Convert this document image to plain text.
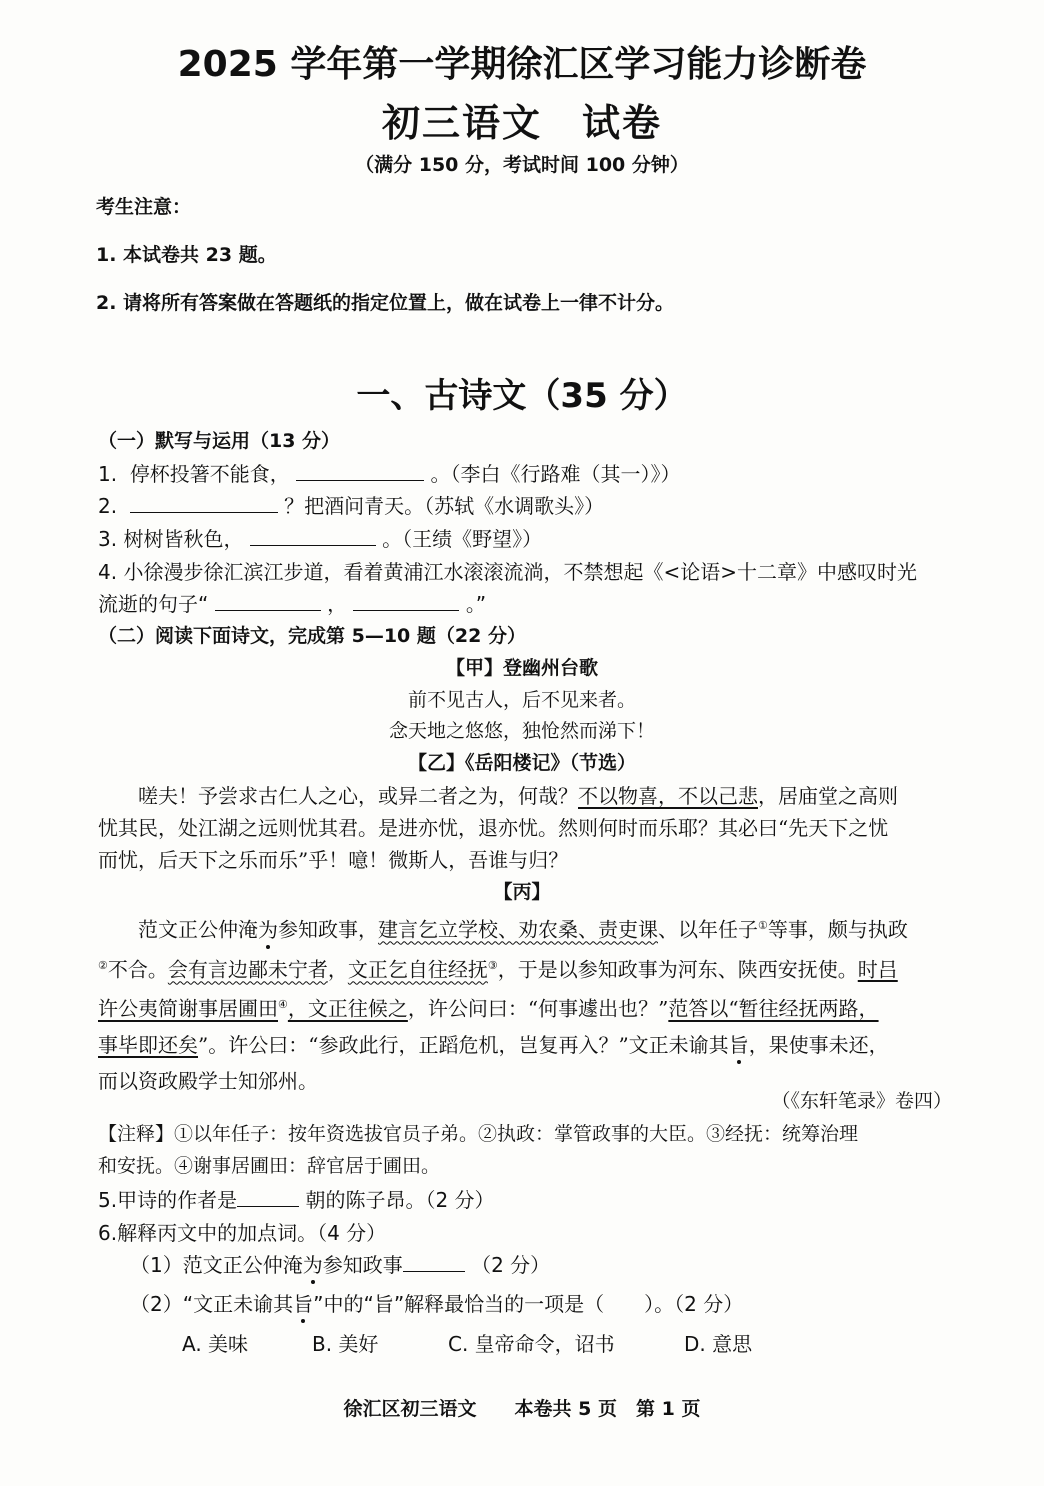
2025 学年第一学期徐汇区学习能力诊断卷
初三语文　试卷
（满分 150 分，考试时间 100 分钟）
考生注意：
1. 本试卷共 23 题。
2. 请将所有答案做在答题纸的指定位置上，做在试卷上一律不计分。
一、古诗文（35 分）
（一）默写与运用（13 分）
1. 停杯投箸不能食，	。（李白《行路难（其一）》）
2.	？把酒问青天。（苏轼《水调歌头》）
3. 树树皆秋色，	。（王绩《野望》）
4. 小徐漫步徐汇滨江步道，看着黄浦江水滚滚流淌，不禁想起《<论语>十二章》中感叹时光
流逝的句子“	，	。”
（二）阅读下面诗文，完成第 5—10 题（22 分）
【甲】登幽州台歌
前不见古人，后不见来者。
念天地之悠悠，独怆然而涕下！
【乙】《岳阳楼记》（节选）
嗟夫！予尝求古仁人之心，或异二者之为，何哉？不以物喜，不以己悲，居庙堂之高则
忧其民，处江湖之远则忧其君。是进亦忧，退亦忧。然则何时而乐耶？其必曰“先天下之忧
而忧，后天下之乐而乐”乎！噫！微斯人，吾谁与归？
【丙】
范文正公仲淹为参知政事，建言乞立学校、劝农桑、责吏课、以年任子①等事，颇与执政
②不合。会有言边鄙未宁者，文正乞自往经抚③，于是以参知政事为河东、陕西安抚使。时吕
许公夷简谢事居圃田④，文正往候之，许公问曰：“何事遽出也？”范答以“暂往经抚两路，
事毕即还矣”。许公曰：“参政此行，正蹈危机，岂复再入？”文正未谕其旨，果使事未还，
而以资政殿学士知邠州。
（《东轩笔录》卷四）
【注释】①以年任子：按年资选拔官员子弟。②执政：掌管政事的大臣。③经抚：统筹治理
和安抚。④谢事居圃田：辞官居于圃田。
5.甲诗的作者是	朝的陈子昂。（2 分）
6.解释丙文中的加点词。（4 分）
（1）范文正公仲淹为参知政事	（2 分）
（2）“文正未谕其旨”中的“旨”解释最恰当的一项是（　　）。（2 分）
A. 美味	B. 美好	C. 皇帝命令，诏书	D. 意思
徐汇区初三语文　　本卷共 5 页　第 1 页
